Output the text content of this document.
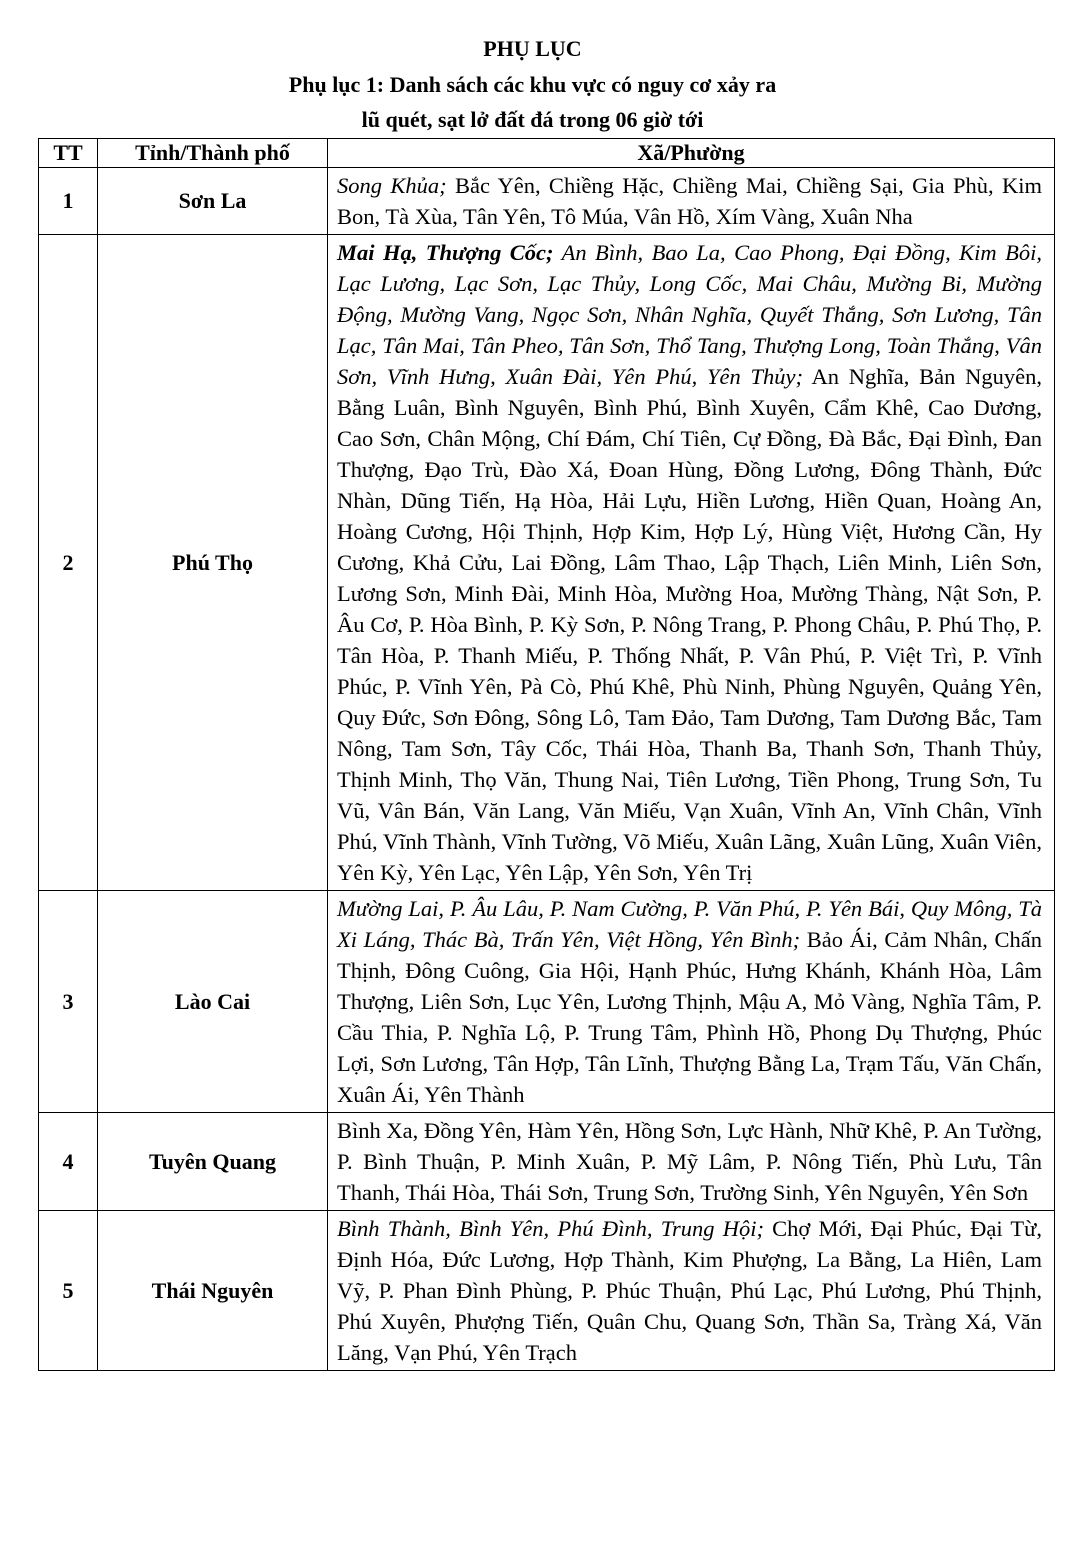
PHỤ LỤC
Phụ lục 1: Danh sách các khu vực có nguy cơ xảy ra
lũ quét, sạt lở đất đá trong 06 giờ tới
TT	Tỉnh/Thành phố	Xã/Phường
1	Sơn La	Song Khủa; Bắc Yên, Chiềng Hặc, Chiềng Mai, Chiềng Sại, Gia Phù, Kim Bon, Tà Xùa, Tân Yên, Tô Múa, Vân Hồ, Xím Vàng, Xuân Nha
2	Phú Thọ	Mai Hạ, Thượng Cốc; An Bình, Bao La, Cao Phong, Đại Đồng, Kim Bôi, Lạc Lương, Lạc Sơn, Lạc Thủy, Long Cốc, Mai Châu, Mường Bi, Mường Động, Mường Vang, Ngọc Sơn, Nhân Nghĩa, Quyết Thắng, Sơn Lương, Tân Lạc, Tân Mai, Tân Pheo, Tân Sơn, Thổ Tang, Thượng Long, Toàn Thắng, Vân Sơn, Vĩnh Hưng, Xuân Đài, Yên Phú, Yên Thủy; An Nghĩa, Bản Nguyên, Bằng Luân, Bình Nguyên, Bình Phú, Bình Xuyên, Cẩm Khê, Cao Dương, Cao Sơn, Chân Mộng, Chí Đám, Chí Tiên, Cự Đồng, Đà Bắc, Đại Đình, Đan Thượng, Đạo Trù, Đào Xá, Đoan Hùng, Đồng Lương, Đông Thành, Đức Nhàn, Dũng Tiến, Hạ Hòa, Hải Lựu, Hiền Lương, Hiền Quan, Hoàng An, Hoàng Cương, Hội Thịnh, Hợp Kim, Hợp Lý, Hùng Việt, Hương Cần, Hy Cương, Khả Cửu, Lai Đồng, Lâm Thao, Lập Thạch, Liên Minh, Liên Sơn, Lương Sơn, Minh Đài, Minh Hòa, Mường Hoa, Mường Thàng, Nật Sơn, P. Âu Cơ, P. Hòa Bình, P. Kỳ Sơn, P. Nông Trang, P. Phong Châu, P. Phú Thọ, P. Tân Hòa, P. Thanh Miếu, P. Thống Nhất, P. Vân Phú, P. Việt Trì, P. Vĩnh Phúc, P. Vĩnh Yên, Pà Cò, Phú Khê, Phù Ninh, Phùng Nguyên, Quảng Yên, Quy Đức, Sơn Đông, Sông Lô, Tam Đảo, Tam Dương, Tam Dương Bắc, Tam Nông, Tam Sơn, Tây Cốc, Thái Hòa, Thanh Ba, Thanh Sơn, Thanh Thủy, Thịnh Minh, Thọ Văn, Thung Nai, Tiên Lương, Tiền Phong, Trung Sơn, Tu Vũ, Vân Bán, Văn Lang, Văn Miếu, Vạn Xuân, Vĩnh An, Vĩnh Chân, Vĩnh Phú, Vĩnh Thành, Vĩnh Tường, Võ Miếu, Xuân Lãng, Xuân Lũng, Xuân Viên, Yên Kỳ, Yên Lạc, Yên Lập, Yên Sơn, Yên Trị
3	Lào Cai	Mường Lai, P. Âu Lâu, P. Nam Cường, P. Văn Phú, P. Yên Bái, Quy Mông, Tà Xi Láng, Thác Bà, Trấn Yên, Việt Hồng, Yên Bình; Bảo Ái, Cảm Nhân, Chấn Thịnh, Đông Cuông, Gia Hội, Hạnh Phúc, Hưng Khánh, Khánh Hòa, Lâm Thượng, Liên Sơn, Lục Yên, Lương Thịnh, Mậu A, Mỏ Vàng, Nghĩa Tâm, P. Cầu Thia, P. Nghĩa Lộ, P. Trung Tâm, Phình Hồ, Phong Dụ Thượng, Phúc Lợi, Sơn Lương, Tân Hợp, Tân Lĩnh, Thượng Bằng La, Trạm Tấu, Văn Chấn, Xuân Ái, Yên Thành
4	Tuyên Quang	Bình Xa, Đồng Yên, Hàm Yên, Hồng Sơn, Lực Hành, Nhữ Khê, P. An Tường, P. Bình Thuận, P. Minh Xuân, P. Mỹ Lâm, P. Nông Tiến, Phù Lưu, Tân Thanh, Thái Hòa, Thái Sơn, Trung Sơn, Trường Sinh, Yên Nguyên, Yên Sơn
5	Thái Nguyên	Bình Thành, Bình Yên, Phú Đình, Trung Hội; Chợ Mới, Đại Phúc, Đại Từ, Định Hóa, Đức Lương, Hợp Thành, Kim Phượng, La Bằng, La Hiên, Lam Vỹ, P. Phan Đình Phùng, P. Phúc Thuận, Phú Lạc, Phú Lương, Phú Thịnh, Phú Xuyên, Phượng Tiến, Quân Chu, Quang Sơn, Thần Sa, Tràng Xá, Văn Lăng, Vạn Phú, Yên Trạch
